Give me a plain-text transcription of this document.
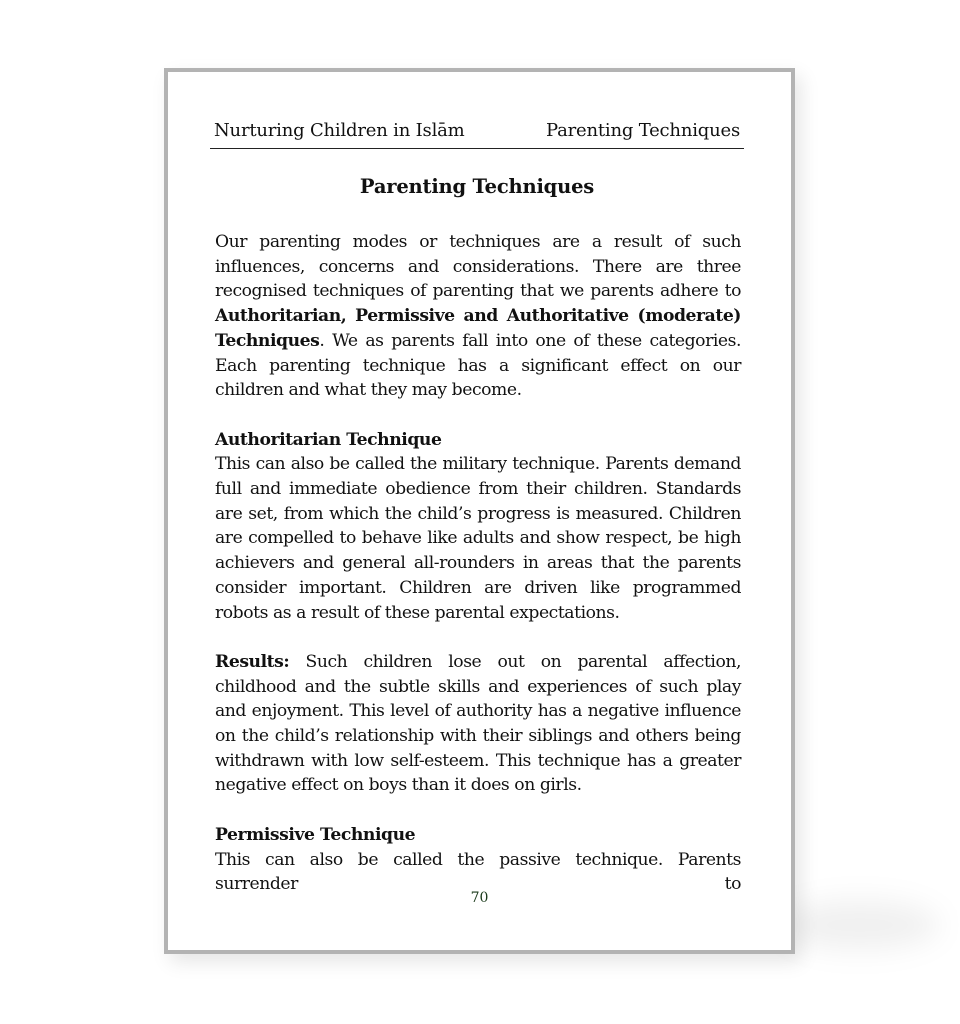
Nurturing Children in Islām	Parenting Techniques
Parenting Techniques

Our parenting modes or techniques are a result of such influences, concerns and considerations. There are three recognised techniques of parenting that we parents adhere to Authoritarian, Permissive and Authoritative (moderate) Techniques. We as parents fall into one of these categories. Each parenting technique has a significant effect on our children and what they may become.

Authoritarian Technique

This can also be called the military technique. Parents demand full and immediate obedience from their children. Standards are set, from which the child’s progress is measured. Children are compelled to behave like adults and show respect, be high achievers and general all-rounders in areas that the parents consider important. Children are driven like programmed robots as a result of these parental expectations.

Results: Such children lose out on parental affection, childhood and the subtle skills and experiences of such play and enjoyment. This level of authority has a negative influence on the child’s relationship with their siblings and others being withdrawn with low self-esteem. This technique has a greater negative effect on boys than it does on girls.

Permissive Technique

This can also be called the passive technique. Parents surrender to

70
